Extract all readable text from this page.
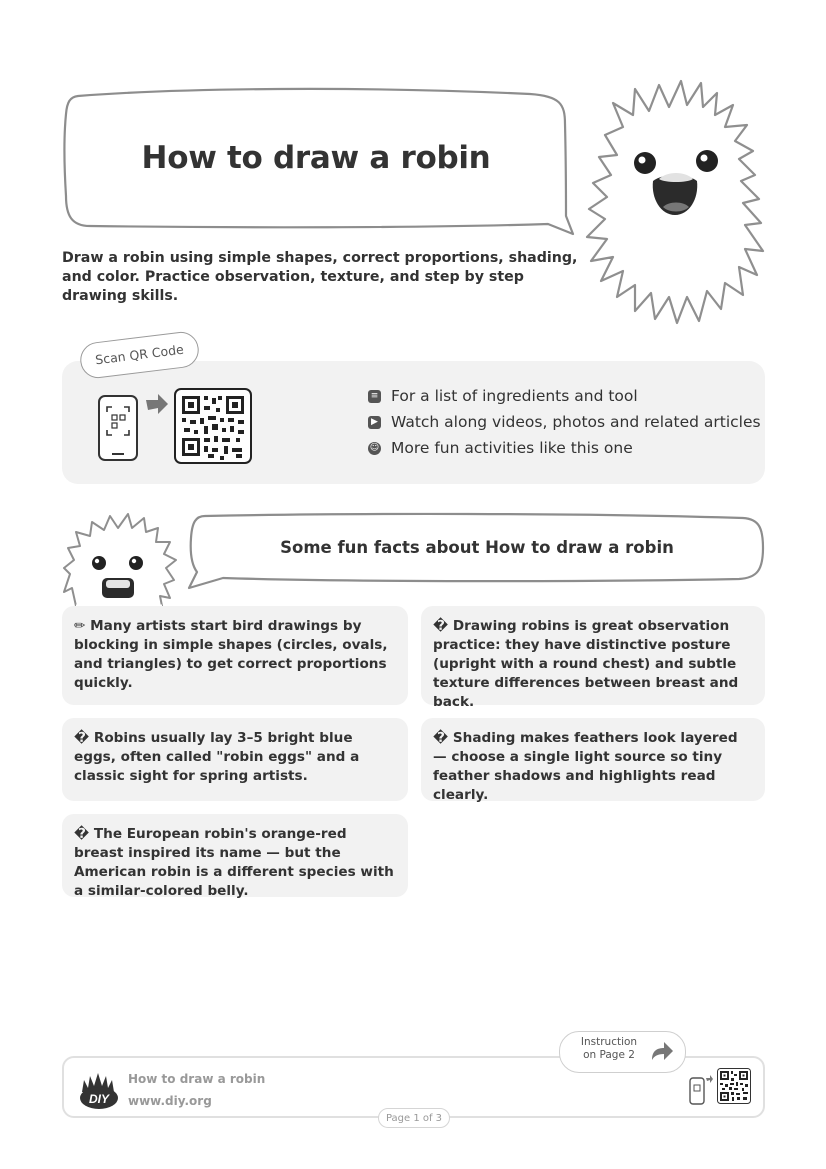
How to draw a robin
Draw a robin using simple shapes, correct proportions, shading, and color. Practice observation, texture, and step by step drawing skills.
Scan QR Code
≡ For a list of ingredients and tool
▶ Watch along videos, photos and related articles
☺ More fun activities like this one
Some fun facts about How to draw a robin
✏ Many artists start bird drawings by blocking in simple shapes (circles, ovals, and triangles) to get correct proportions quickly.
� Drawing robins is great observation practice: they have distinctive posture (upright with a round chest) and subtle texture differences between breast and back.
� Robins usually lay 3–5 bright blue eggs, often called "robin eggs" and a classic sight for spring artists.
� Shading makes feathers look layered — choose a single light source so tiny feather shadows and highlights read clearly.
� The European robin's orange-red breast inspired its name — but the American robin is a different species with a similar-colored belly.
Instruction
on Page 2
DIY
How to draw a robin
www.diy.org
Page 1 of 3
